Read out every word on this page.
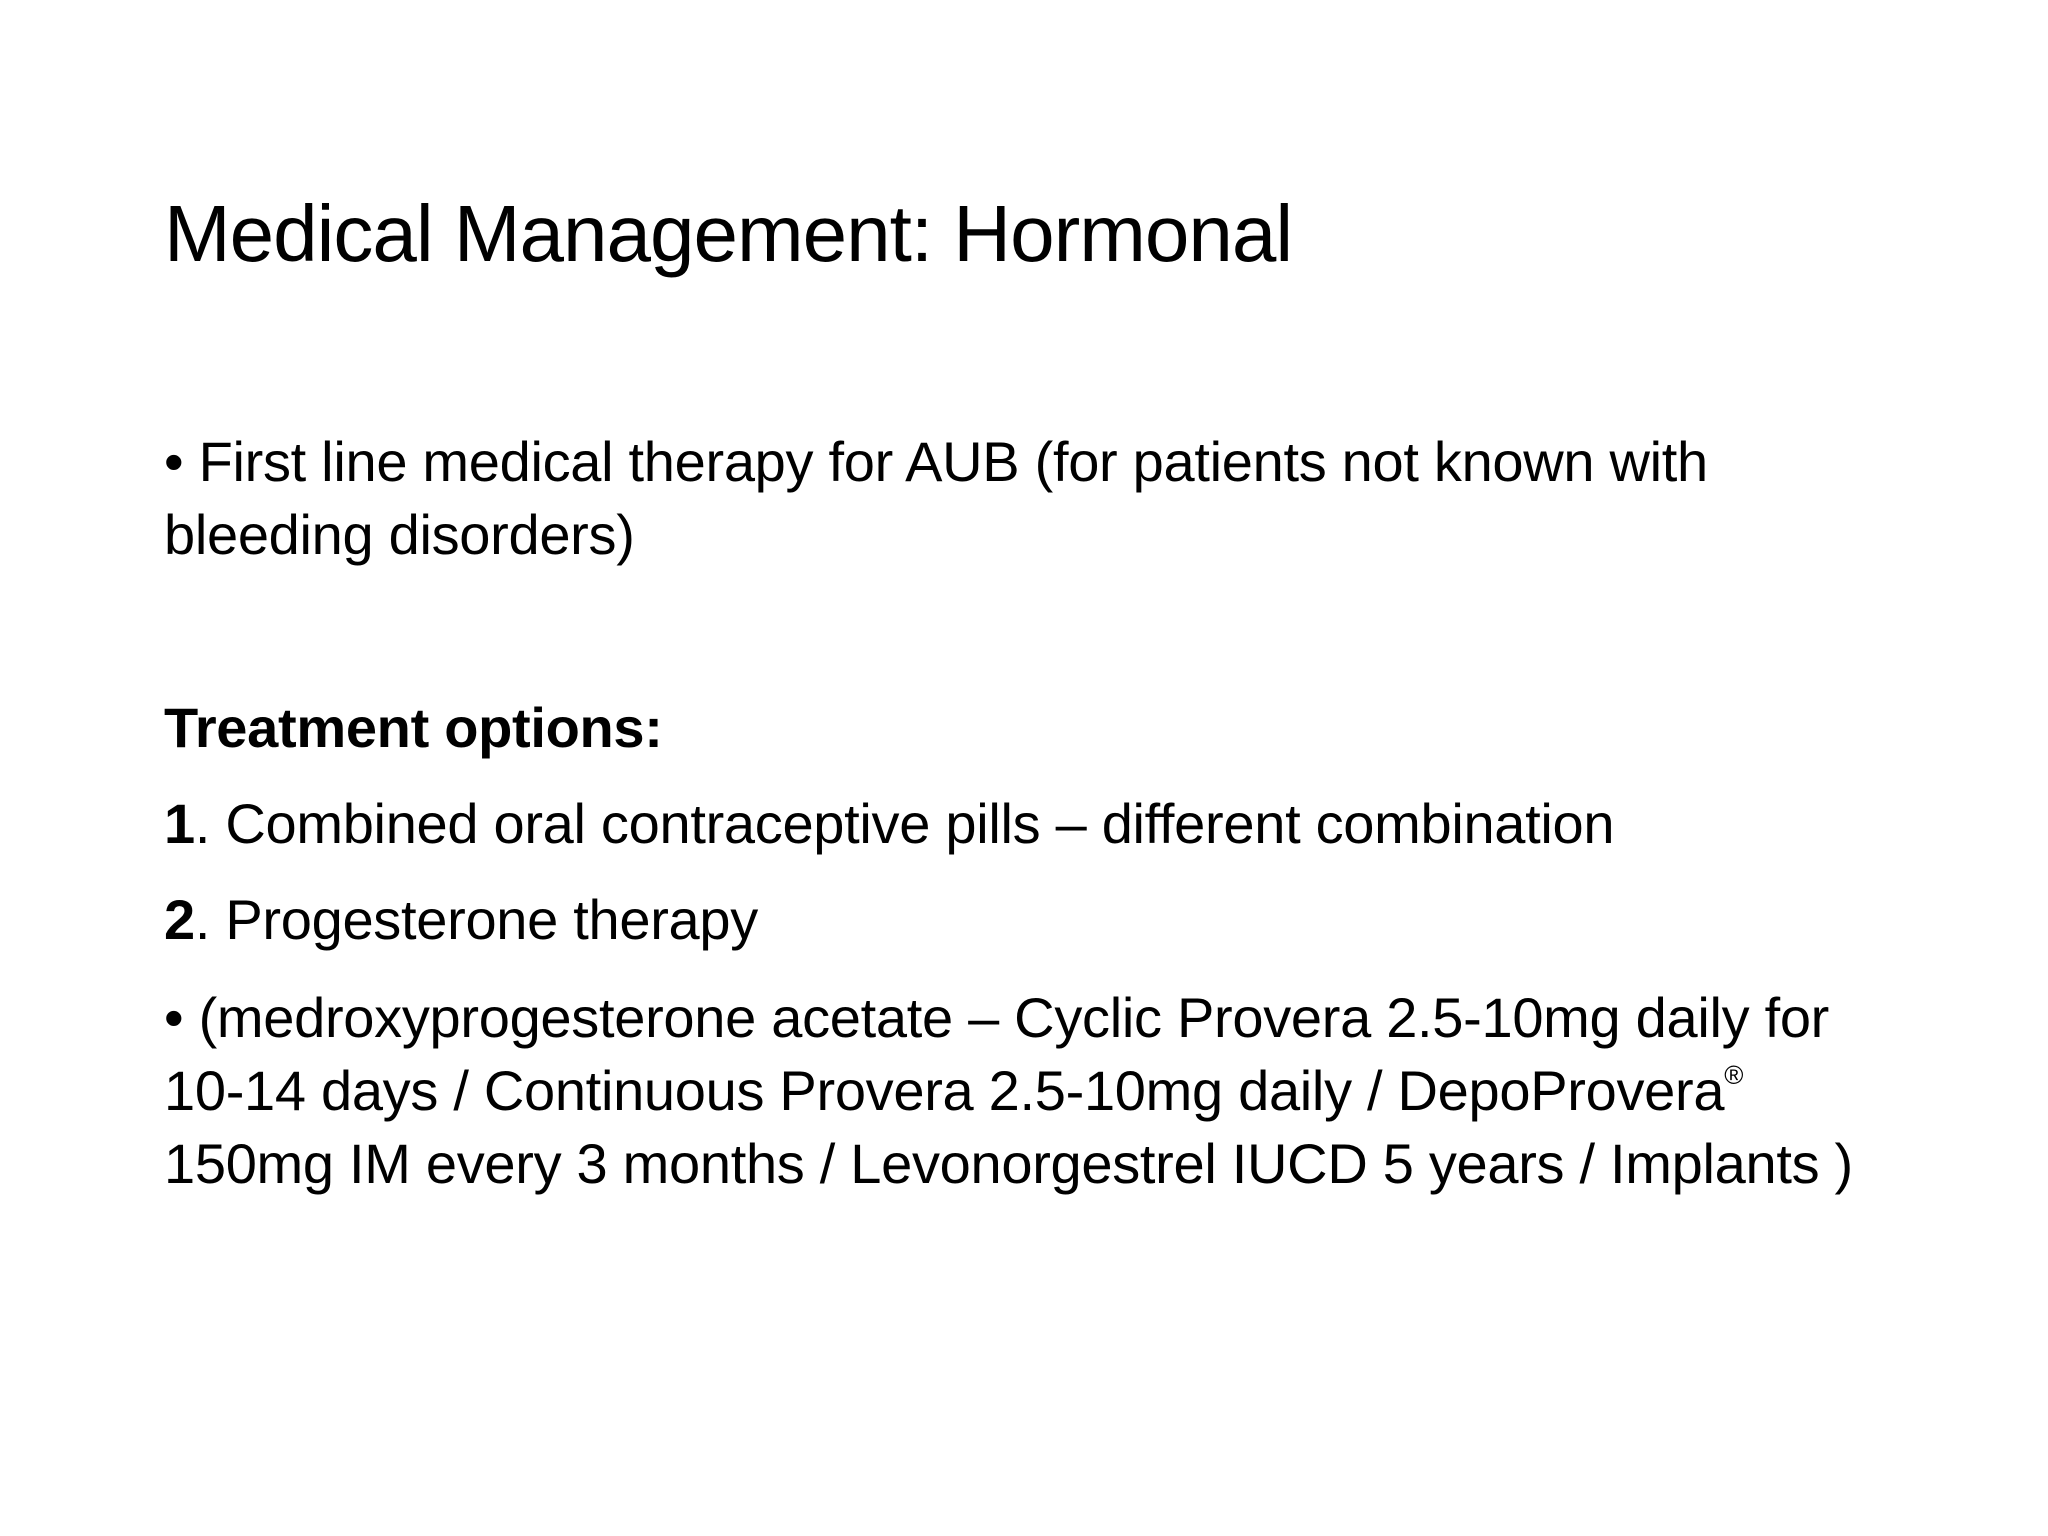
Medical Management: Hormonal

• First line medical therapy for AUB (for patients not known with bleeding disorders)

Treatment options:

1. Combined oral contraceptive pills – different combination

2. Progesterone therapy

• (medroxyprogesterone acetate – Cyclic Provera 2.5-10mg daily for 10-14 days / Continuous Provera 2.5-10mg daily / DepoProvera® 150mg IM every 3 months / Levonorgestrel IUCD 5 years / Implants )
